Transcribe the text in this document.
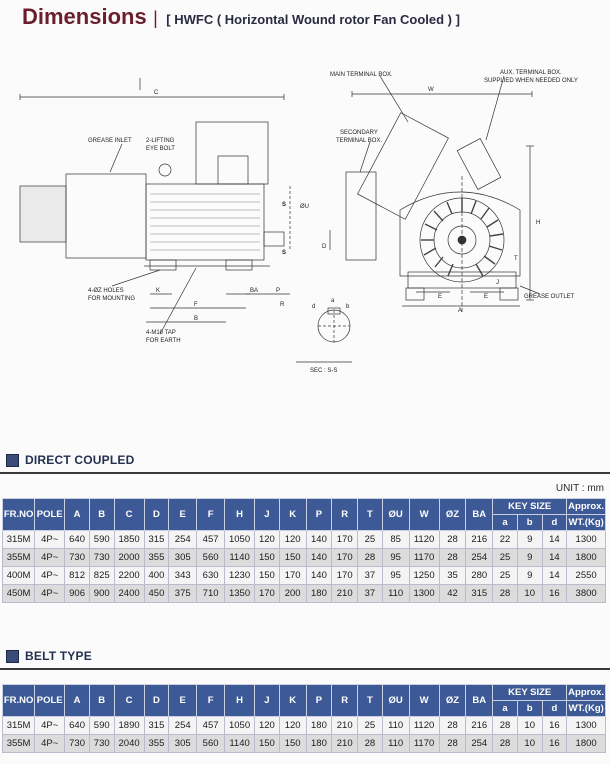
Dimensions | [ HWFC ( Horizontal Wound rotor Fan Cooled ) ]
C	W
GREASE INLET 2-LIFTING
EYE BOLT
MAIN TERMINAL BOX.	AUX. TERMINAL BOX.
SUPPLIED WHEN NEEDED ONLY
SECONDARY
TERMINAL BOX.
S
S
ØU
D
H
K
F
B
BA	P
R
E	E
A
J
T
4-ØZ HOLES
FOR MOUNTING
4-M10 TAP
FOR EARTH
GREASE OUTLET
a
b
d
SEC : S-S
DIRECT COUPLED
UNIT : mm
FR.NO	POLE	A	B	C	D	E	F	H	J	K	P	R	T	ØU	W	ØZ	BA	KEY SIZE			Approx.
																		a	b	d	WT.(Kg)
315M	4P~	640	590	1850	315	254	457	1050	120	120	140	170	25	85	1120	28	216	22	9	14	1300
355M	4P~	730	730	2000	355	305	560	1140	150	150	140	170	28	95	1170	28	254	25	9	14	1800
400M	4P~	812	825	2200	400	343	630	1230	150	170	140	170	37	95	1250	35	280	25	9	14	2550
450M	4P~	906	900	2400	450	375	710	1350	170	200	180	210	37	110	1300	42	315	28	10	16	3800
BELT TYPE
FR.NO	POLE	A	B	C	D	E	F	H	J	K	P	R	T	ØU	W	ØZ	BA	KEY SIZE			Approx.
																		a	b	d	WT.(Kg)
315M	4P~	640	590	1890	315	254	457	1050	120	120	180	210	25	110	1120	28	216	28	10	16	1300
355M	4P~	730	730	2040	355	305	560	1140	150	150	180	210	28	110	1170	28	254	28	10	16	1800
